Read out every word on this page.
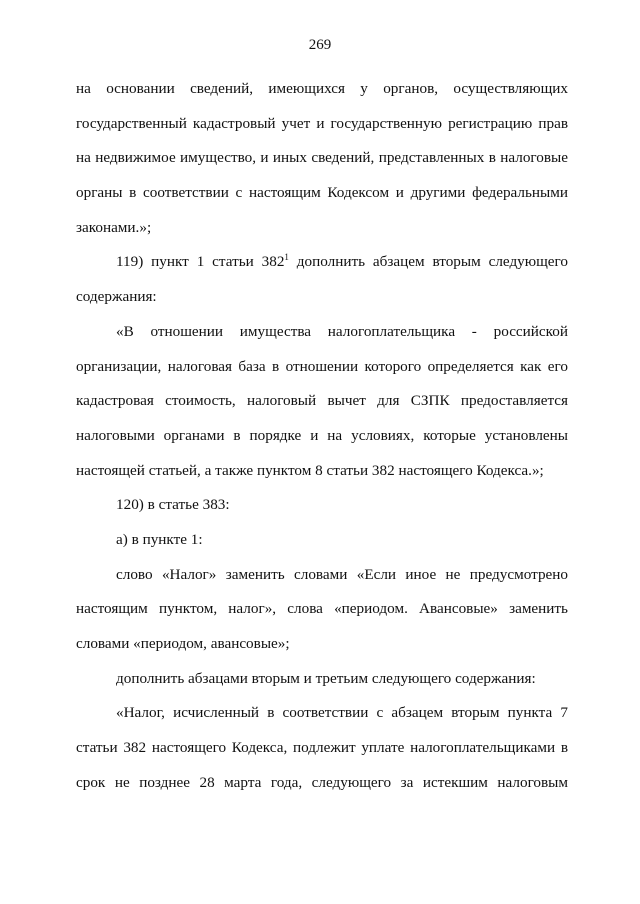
269
на основании сведений, имеющихся у органов, осуществляющих
государственный кадастровый учет и государственную регистрацию прав
на недвижимое имущество, и иных сведений, представленных в налоговые
органы в соответствии с настоящим Кодексом и другими федеральными
законами.»;
119) пункт 1 статьи $382^1$ дополнить абзацем вторым следующего
содержания:
«В отношении имущества налогоплательщика - российской
организации, налоговая база в отношении которого определяется как его
кадастровая стоимость, налоговый вычет для СЗПК предоставляется
налоговыми органами в порядке и на условиях, которые установлены
настоящей статьей, а также пунктом 8 статьи 382 настоящего Кодекса.»;
120) в статье 383:
а) в пункте 1:
слово «Налог» заменить словами «Если иное не предусмотрено
настоящим пунктом, налог», слова «периодом. Авансовые» заменить
словами «периодом, авансовые»;
дополнить абзацами вторым и третьим следующего содержания:
«Налог, исчисленный в соответствии с абзацем вторым пункта 7
статьи 382 настоящего Кодекса, подлежит уплате налогоплательщиками в
срок не позднее 28 марта года, следующего за истекшим налоговым
